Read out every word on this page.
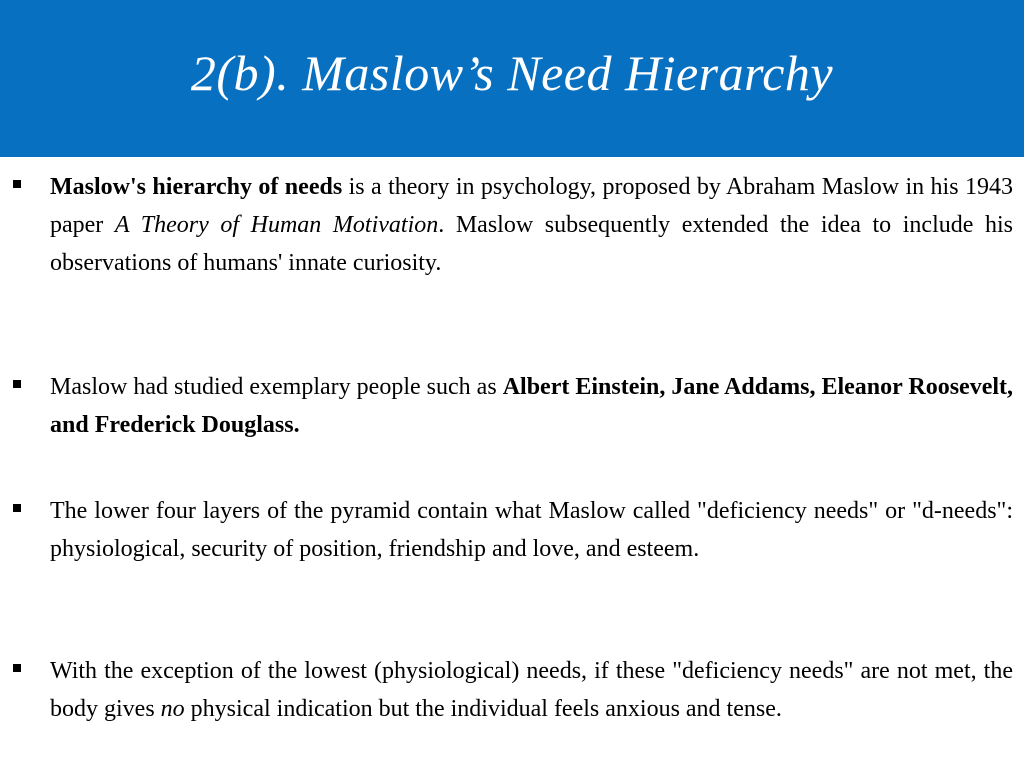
2(b). Maslow’s Need Hierarchy

Maslow's hierarchy of needs is a theory in psychology, proposed by Abraham Maslow in his 1943 paper A Theory of Human Motivation. Maslow subsequently extended the idea to include his observations of humans' innate curiosity.

Maslow had studied exemplary people such as Albert Einstein, Jane Addams, Eleanor Roosevelt, and Frederick Douglass.

The lower four layers of the pyramid contain what Maslow called "deficiency needs" or "d-needs": physiological, security of position, friendship and love, and esteem.

With the exception of the lowest (physiological) needs, if these "deficiency needs" are not met, the body gives no physical indication but the individual feels anxious and tense.
